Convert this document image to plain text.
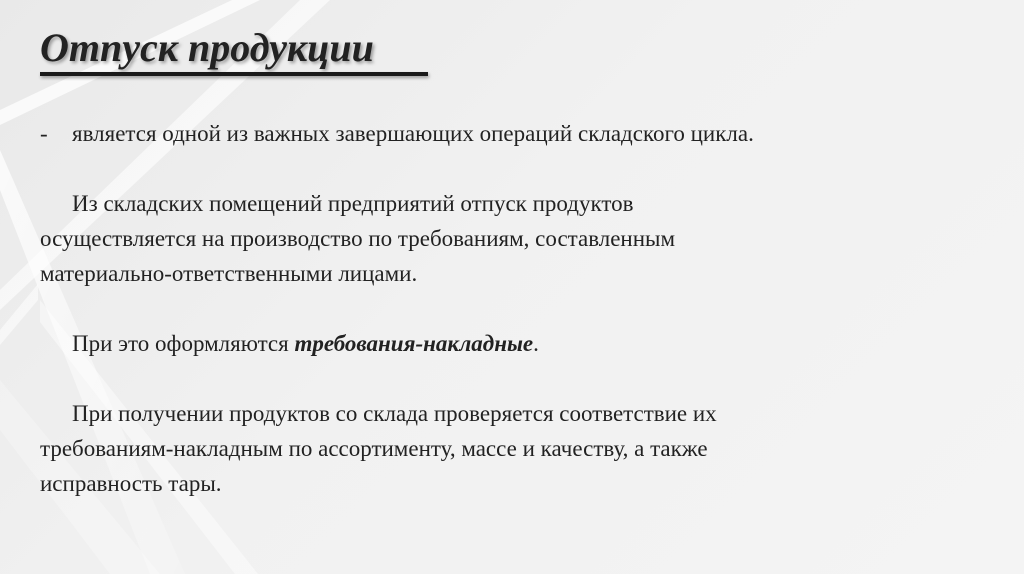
Отпуск продукции

- является одной из важных завершающих операций складского цикла.

Из складских помещений предприятий отпуск продуктов

осуществляется на производство по требованиям, составленным

материально-ответственными лицами.

При это оформляются требования-накладные.

При получении продуктов со склада проверяется соответствие их

требованиям-накладным по ассортименту, массе и качеству, а также

исправность тары.
